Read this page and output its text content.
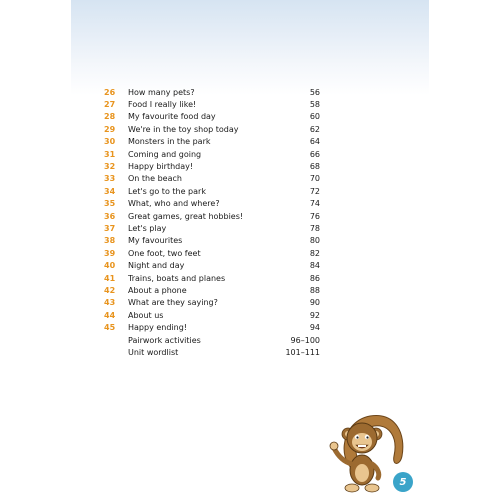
26	How many pets?	56
27	Food I really like!	58
28	My favourite food day	60
29	We're in the toy shop today	62
30	Monsters in the park	64
31	Coming and going	66
32	Happy birthday!	68
33	On the beach	70
34	Let's go to the park	72
35	What, who and where?	74
36	Great games, great hobbies!	76
37	Let's play	78
38	My favourites	80
39	One foot, two feet	82
40	Night and day	84
41	Trains, boats and planes	86
42	About a phone	88
43	What are they saying?	90
44	About us	92
45	Happy ending!	94
Pairwork activities	96–100
Unit wordlist	101–111
5
